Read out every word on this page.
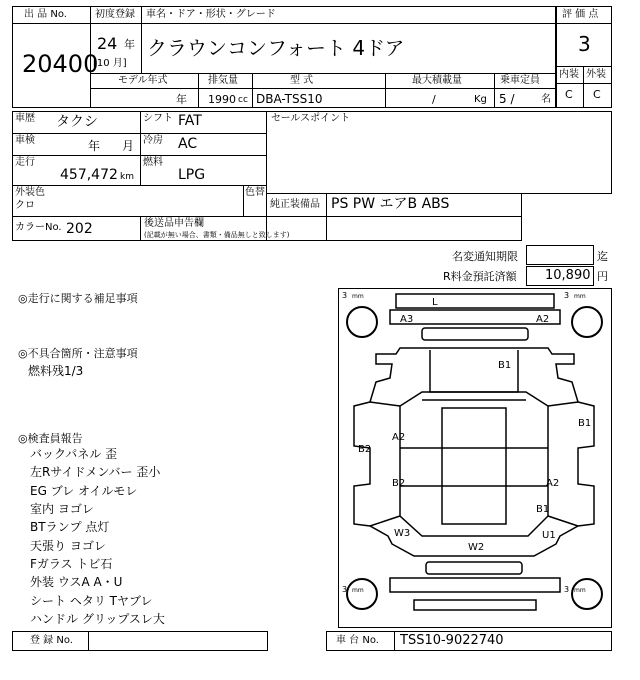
出 品 No.
20400
初度登録 車名・ドア・形状・グレード
24 年
[10 月]
クラウンコンフォート 4ドア
評 価 点
3
内装 外装
C C
モデル年式	排気量	型 式	最大積載量	乗車定員
年 1990 cc DBA-TSS10	/	Kg 5 /	名
車歴 タクシ	シフト FAT
車検	年 月 冷房 AC
走行
457,472 km
燃料
LPG
外装色
クロ
色替
カラーNo. 202	後送品申告欄
(記載が無い場合、書類・備品無しと致します)
セールスポイント
純正装備品 PS PW エアB ABS
名変通知期限	迄
R料金預託済額 10,890 円
◎走行に関する補足事項
◎不具合箇所・注意事項
燃料残1/3
◎検査員報告
バックパネル 歪
左Rサイドメンバー 歪小
EG ブレ オイルモレ
室内 ヨゴレ
BTランプ 点灯
天張り ヨゴレ
Fガラス トビ石
外装 ウスA A・U
シート ヘタリ Tヤブレ
ハンドル グリップスレ大
3 mm	3 mm
3 mm	3 mm
L
A3	A2
B1
B1
A2
B2
B2	A2
B1
W3
W2
U1
登 録 No.	車 台 No. TSS10-9022740
